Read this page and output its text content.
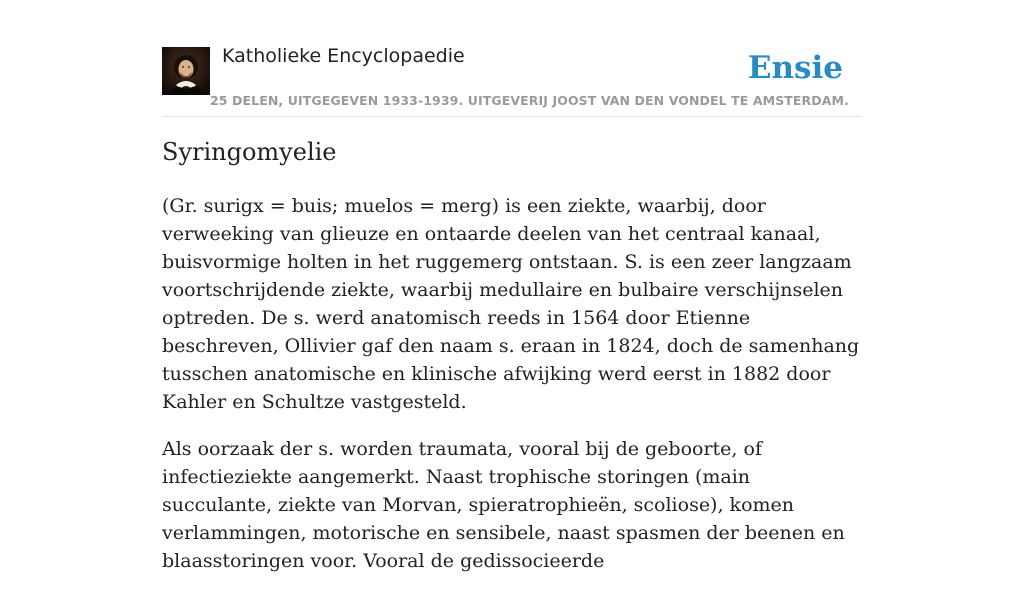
Katholieke Encyclopaedie	Ensie
25 DELEN, UITGEGEVEN 1933-1939. UITGEVERIJ JOOST VAN DEN VONDEL TE AMSTERDAM.
Syringomyelie

(Gr. surigx = buis; muelos = merg) is een ziekte, waarbij, door verweeking van glieuze en ontaarde deelen van het centraal kanaal, buisvormige holten in het ruggemerg ontstaan. S. is een zeer langzaam voortschrijdende ziekte, waarbij medullaire en bulbaire verschijnselen optreden. De s. werd anatomisch reeds in 1564 door Etienne beschreven, Ollivier gaf den naam s. eraan in 1824, doch de samenhang tusschen anatomische en klinische afwijking werd eerst in 1882 door Kahler en Schultze vastgesteld.

Als oorzaak der s. worden traumata, vooral bij de geboorte, of infectieziekte aangemerkt. Naast trophische storingen (main succulante, ziekte van Morvan, spieratrophieën, scoliose), komen verlammingen, motorische en sensibele, naast spasmen der beenen en blaasstoringen voor. Vooral de gedissocieerde
